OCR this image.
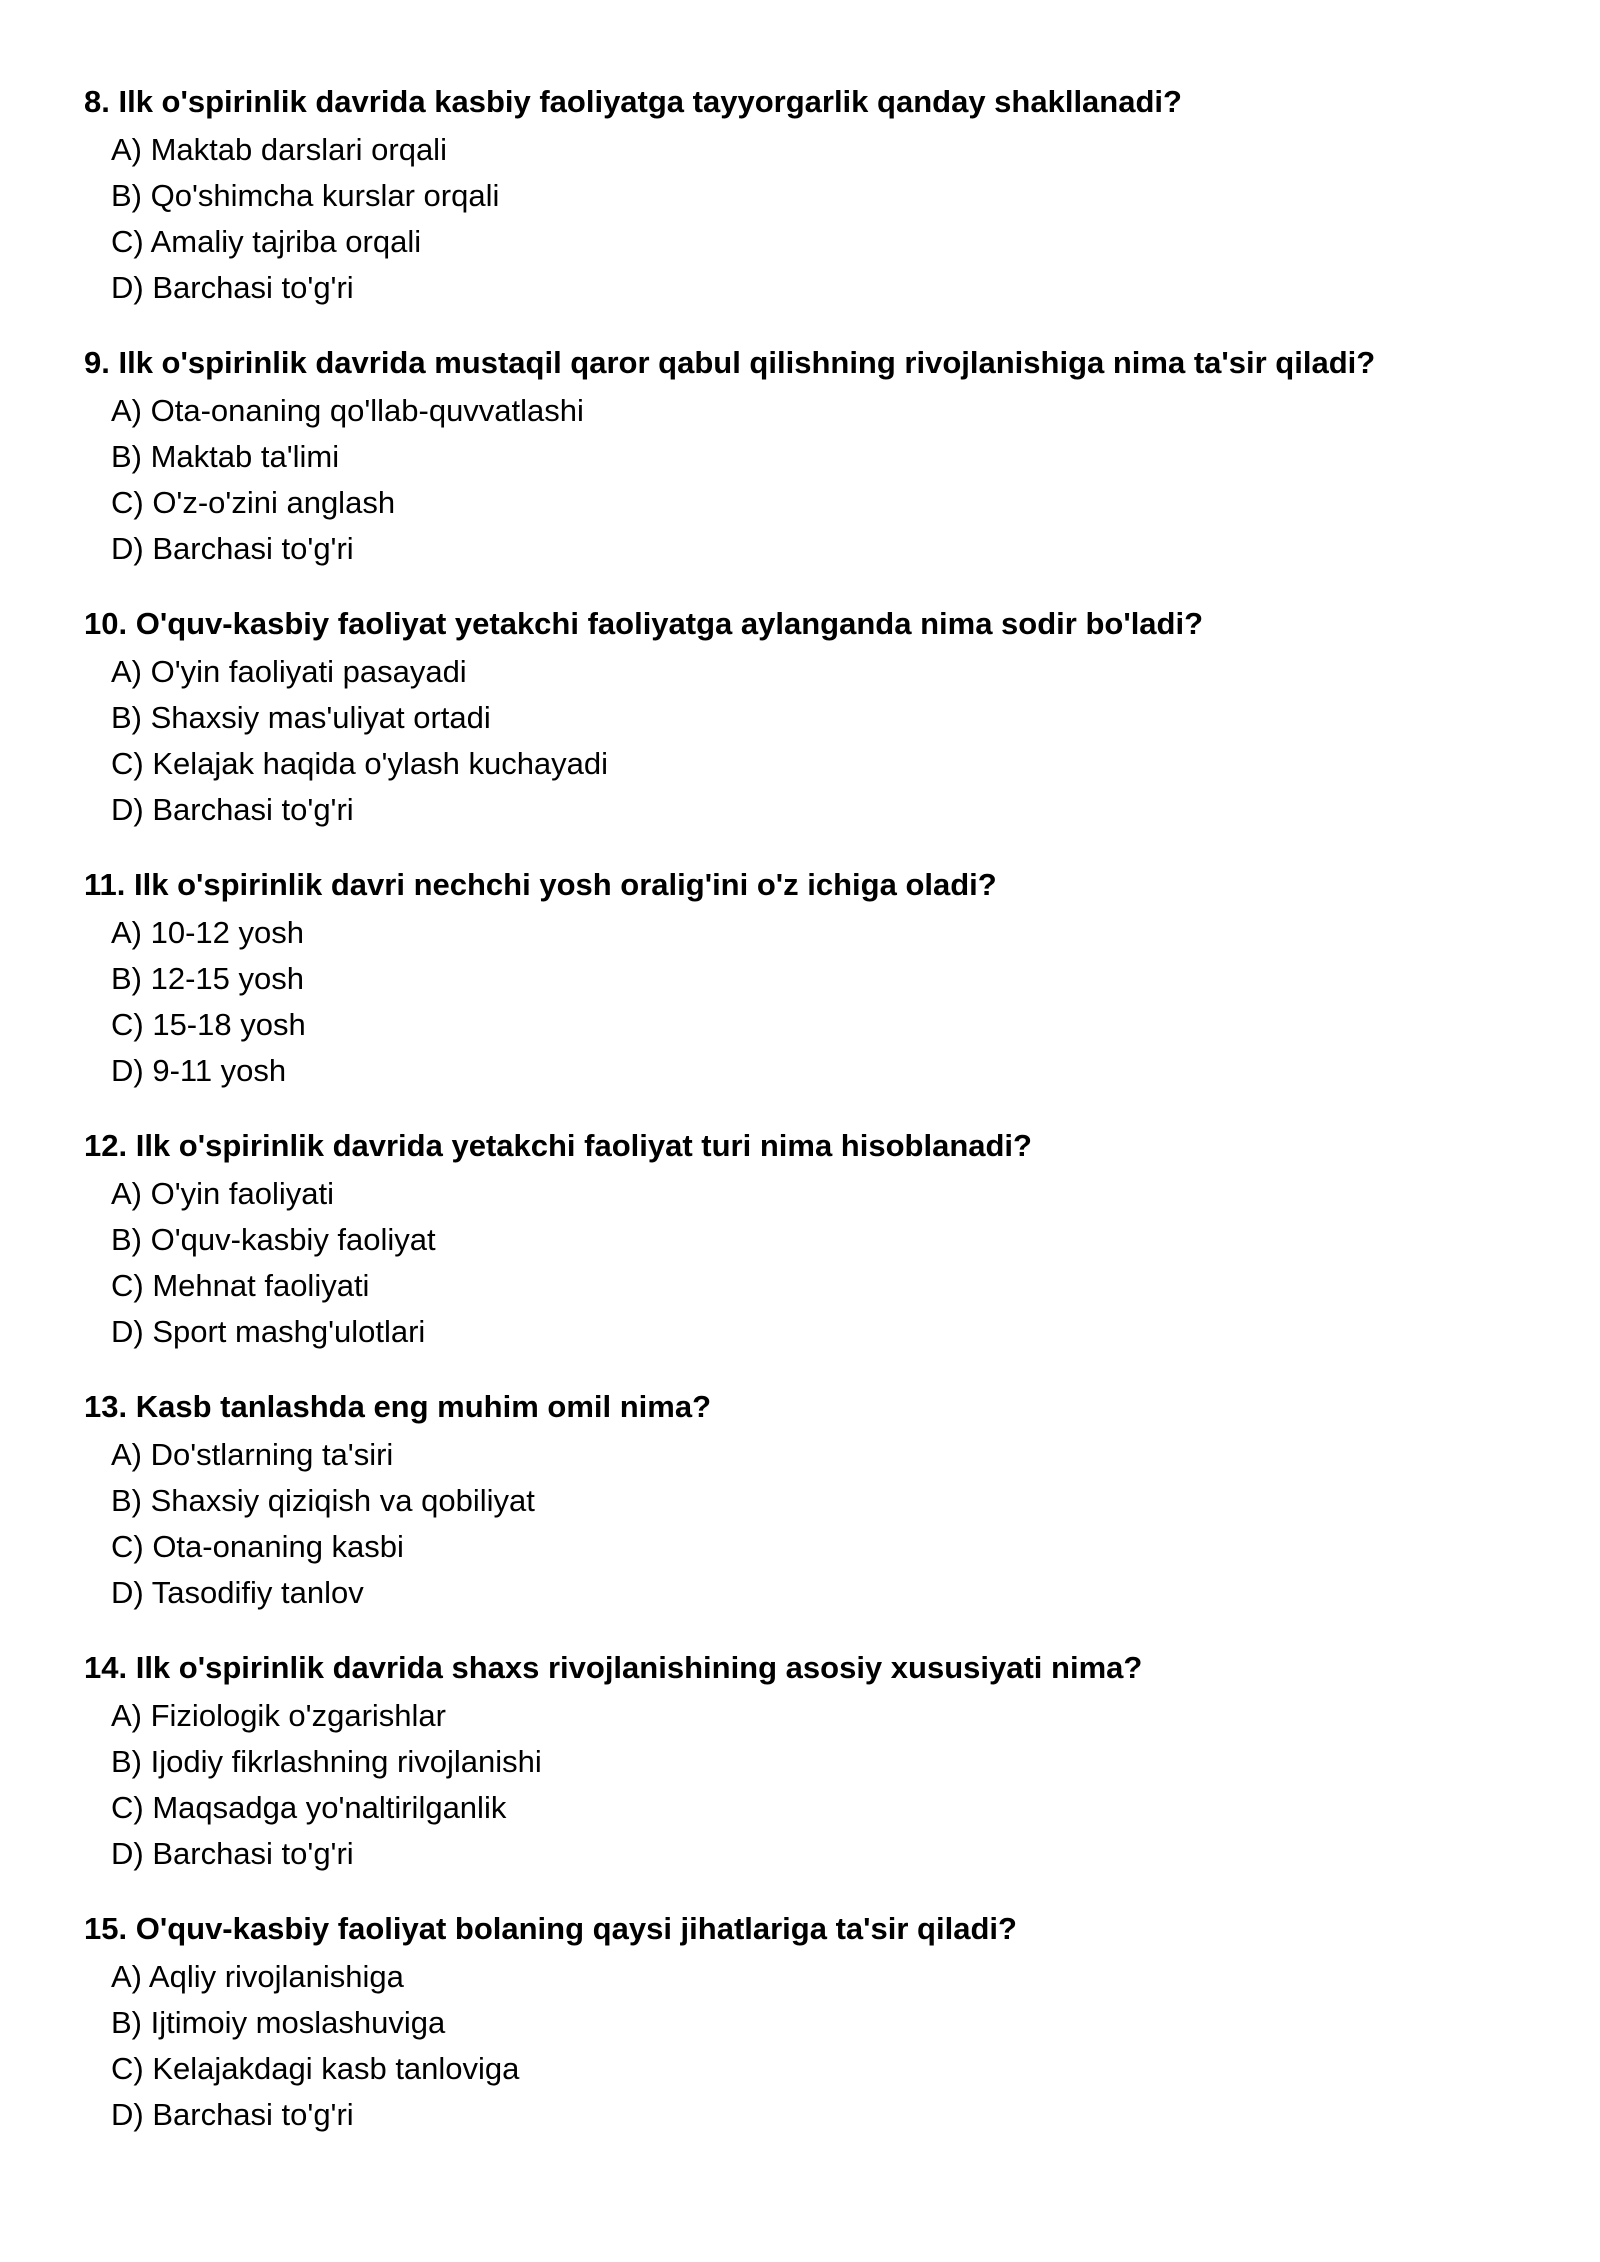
8. Ilk o'spirinlik davrida kasbiy faoliyatga tayyorgarlik qanday shakllanadi?
A) Maktab darslari orqali
B) Qo'shimcha kurslar orqali
C) Amaliy tajriba orqali
D) Barchasi to'g'ri
9. Ilk o'spirinlik davrida mustaqil qaror qabul qilishning rivojlanishiga nima ta'sir qiladi?
A) Ota-onaning qo'llab-quvvatlashi
B) Maktab ta'limi
C) O'z-o'zini anglash
D) Barchasi to'g'ri
10. O'quv-kasbiy faoliyat yetakchi faoliyatga aylanganda nima sodir bo'ladi?
A) O'yin faoliyati pasayadi
B) Shaxsiy mas'uliyat ortadi
C) Kelajak haqida o'ylash kuchayadi
D) Barchasi to'g'ri
11. Ilk o'spirinlik davri nechchi yosh oralig'ini o'z ichiga oladi?
A) 10-12 yosh
B) 12-15 yosh
C) 15-18 yosh
D) 9-11 yosh
12. Ilk o'spirinlik davrida yetakchi faoliyat turi nima hisoblanadi?
A) O'yin faoliyati
B) O'quv-kasbiy faoliyat
C) Mehnat faoliyati
D) Sport mashg'ulotlari
13. Kasb tanlashda eng muhim omil nima?
A) Do'stlarning ta'siri
B) Shaxsiy qiziqish va qobiliyat
C) Ota-onaning kasbi
D) Tasodifiy tanlov
14. Ilk o'spirinlik davrida shaxs rivojlanishining asosiy xususiyati nima?
A) Fiziologik o'zgarishlar
B) Ijodiy fikrlashning rivojlanishi
C) Maqsadga yo'naltirilganlik
D) Barchasi to'g'ri
15. O'quv-kasbiy faoliyat bolaning qaysi jihatlariga ta'sir qiladi?
A) Aqliy rivojlanishiga
B) Ijtimoiy moslashuviga
C) Kelajakdagi kasb tanloviga
D) Barchasi to'g'ri
